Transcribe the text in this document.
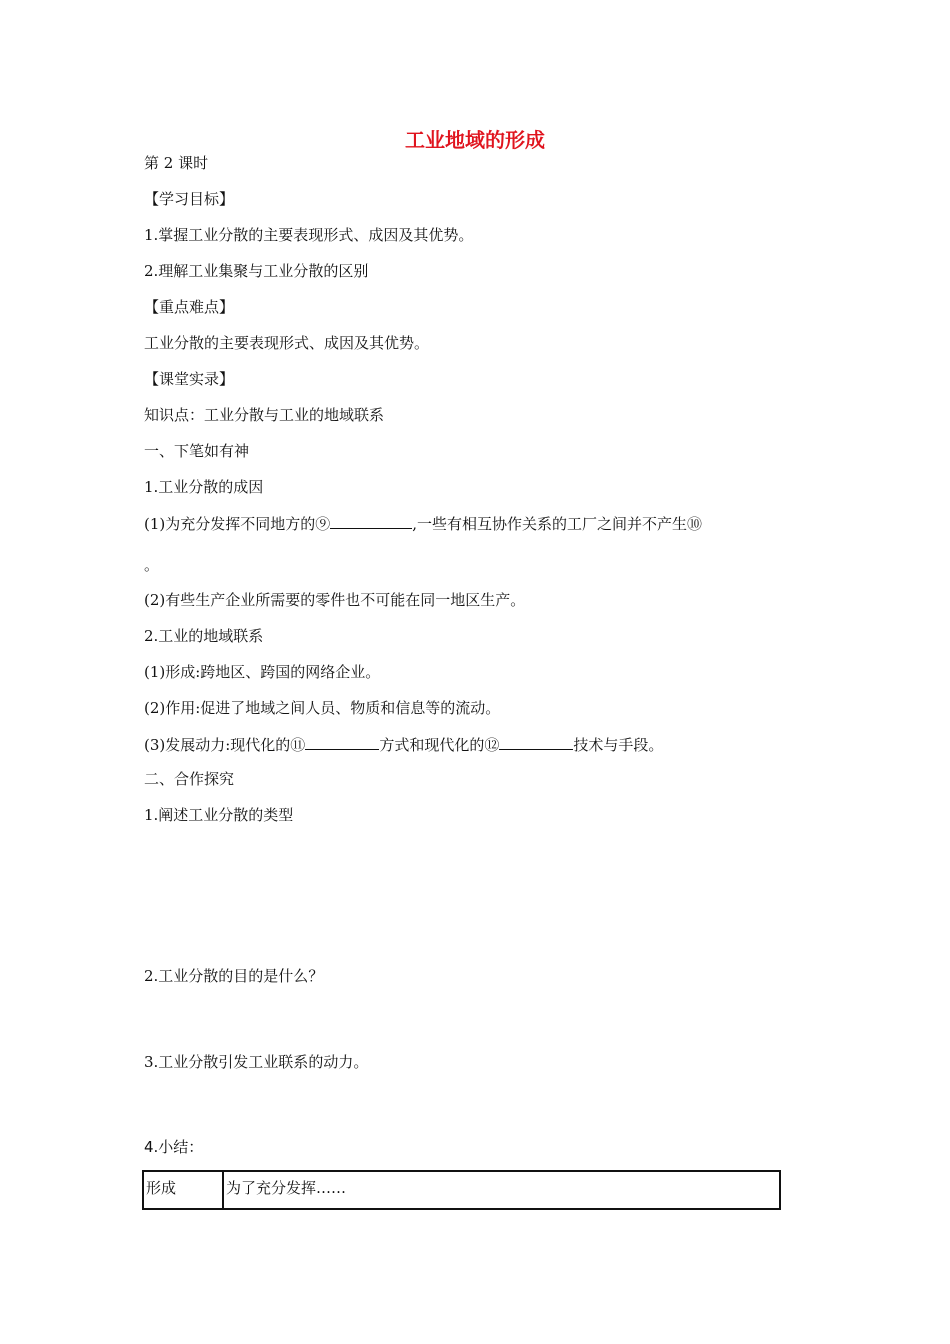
工业地域的形成
第 2 课时
【学习目标】
1.掌握工业分散的主要表现形式、成因及其优势。
2.理解工业集聚与工业分散的区别
【重点难点】
工业分散的主要表现形式、成因及其优势。
【课堂实录】
知识点：工业分散与工业的地域联系
一、下笔如有神
1.工业分散的成因
(1)为充分发挥不同地方的⑨	,一些有相互协作关系的工厂之间并不产生⑩
。
(2)有些生产企业所需要的零件也不可能在同一地区生产。
2.工业的地域联系
(1)形成:跨地区、跨国的网络企业。
(2)作用:促进了地域之间人员、物质和信息等的流动。
(3)发展动力:现代化的⑪	方式和现代化的⑫	技术与手段。
二、合作探究
1.阐述工业分散的类型
2.工业分散的目的是什么？
3.工业分散引发工业联系的动力。
4.小结：
形成	为了充分发挥……
